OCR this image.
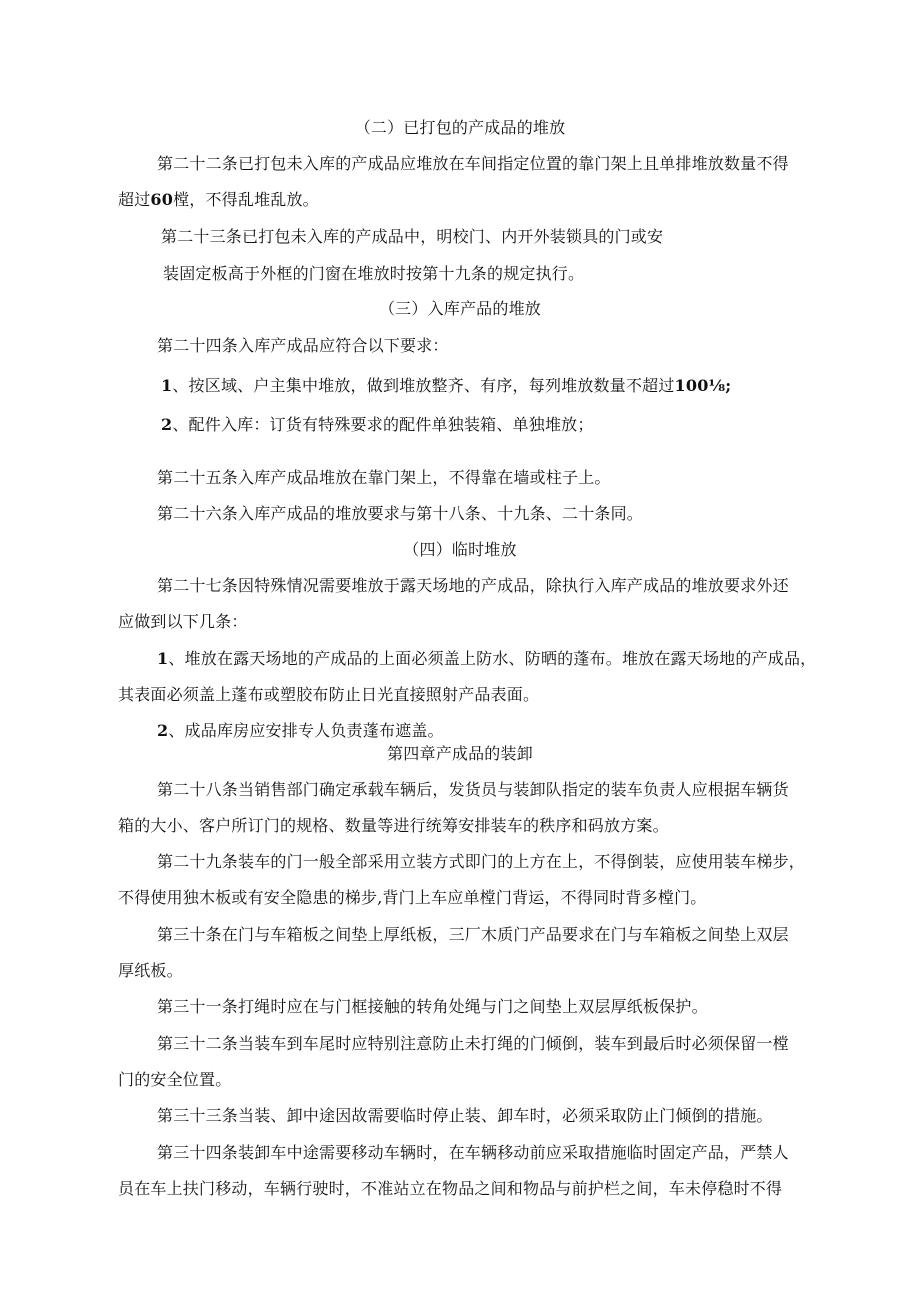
（二）已打包的产成品的堆放
第二十二条已打包未入库的产成品应堆放在车间指定位置的靠门架上且单排堆放数量不得
超过60樘，不得乱堆乱放。
第二十三条已打包未入库的产成品中，明校门、内开外装锁具的门或安
装固定板高于外框的门窗在堆放时按第十九条的规定执行。
（三）入库产品的堆放
第二十四条入库产成品应符合以下要求：
1、按区域、户主集中堆放，做到堆放整齐、有序，每列堆放数量不超过100⅛;
2、配件入库：订货有特殊要求的配件单独装箱、单独堆放；
第二十五条入库产成品堆放在靠门架上，不得靠在墙或柱子上。
第二十六条入库产成品的堆放要求与第十八条、十九条、二十条同。
（四）临时堆放
第二十七条因特殊情况需要堆放于露天场地的产成品，除执行入库产成品的堆放要求外还
应做到以下几条：
1、堆放在露天场地的产成品的上面必须盖上防水、防晒的蓬布。堆放在露天场地的产成品，
其表面必须盖上蓬布或塑胶布防止日光直接照射产品表面。
2、成品库房应安排专人负责蓬布遮盖。
第四章产成品的装卸
第二十八条当销售部门确定承载车辆后，发货员与装卸队指定的装车负责人应根据车辆货
箱的大小、客户所订门的规格、数量等进行统筹安排装车的秩序和码放方案。
第二十九条装车的门一般全部采用立装方式即门的上方在上，不得倒装，应使用装车梯步，
不得使用独木板或有安全隐患的梯步,背门上车应单樘门背运，不得同时背多樘门。
第三十条在门与车箱板之间垫上厚纸板，三厂木质门产品要求在门与车箱板之间垫上双层
厚纸板。
第三十一条打绳时应在与门框接触的转角处绳与门之间垫上双层厚纸板保护。
第三十二条当装车到车尾时应特别注意防止未打绳的门倾倒，装车到最后时必须保留一樘
门的安全位置。
第三十三条当装、卸中途因故需要临时停止装、卸车时，必须采取防止门倾倒的措施。
第三十四条装卸车中途需要移动车辆时，在车辆移动前应采取措施临时固定产品，严禁人
员在车上扶门移动，车辆行驶时，不准站立在物品之间和物品与前护栏之间，车未停稳时不得
